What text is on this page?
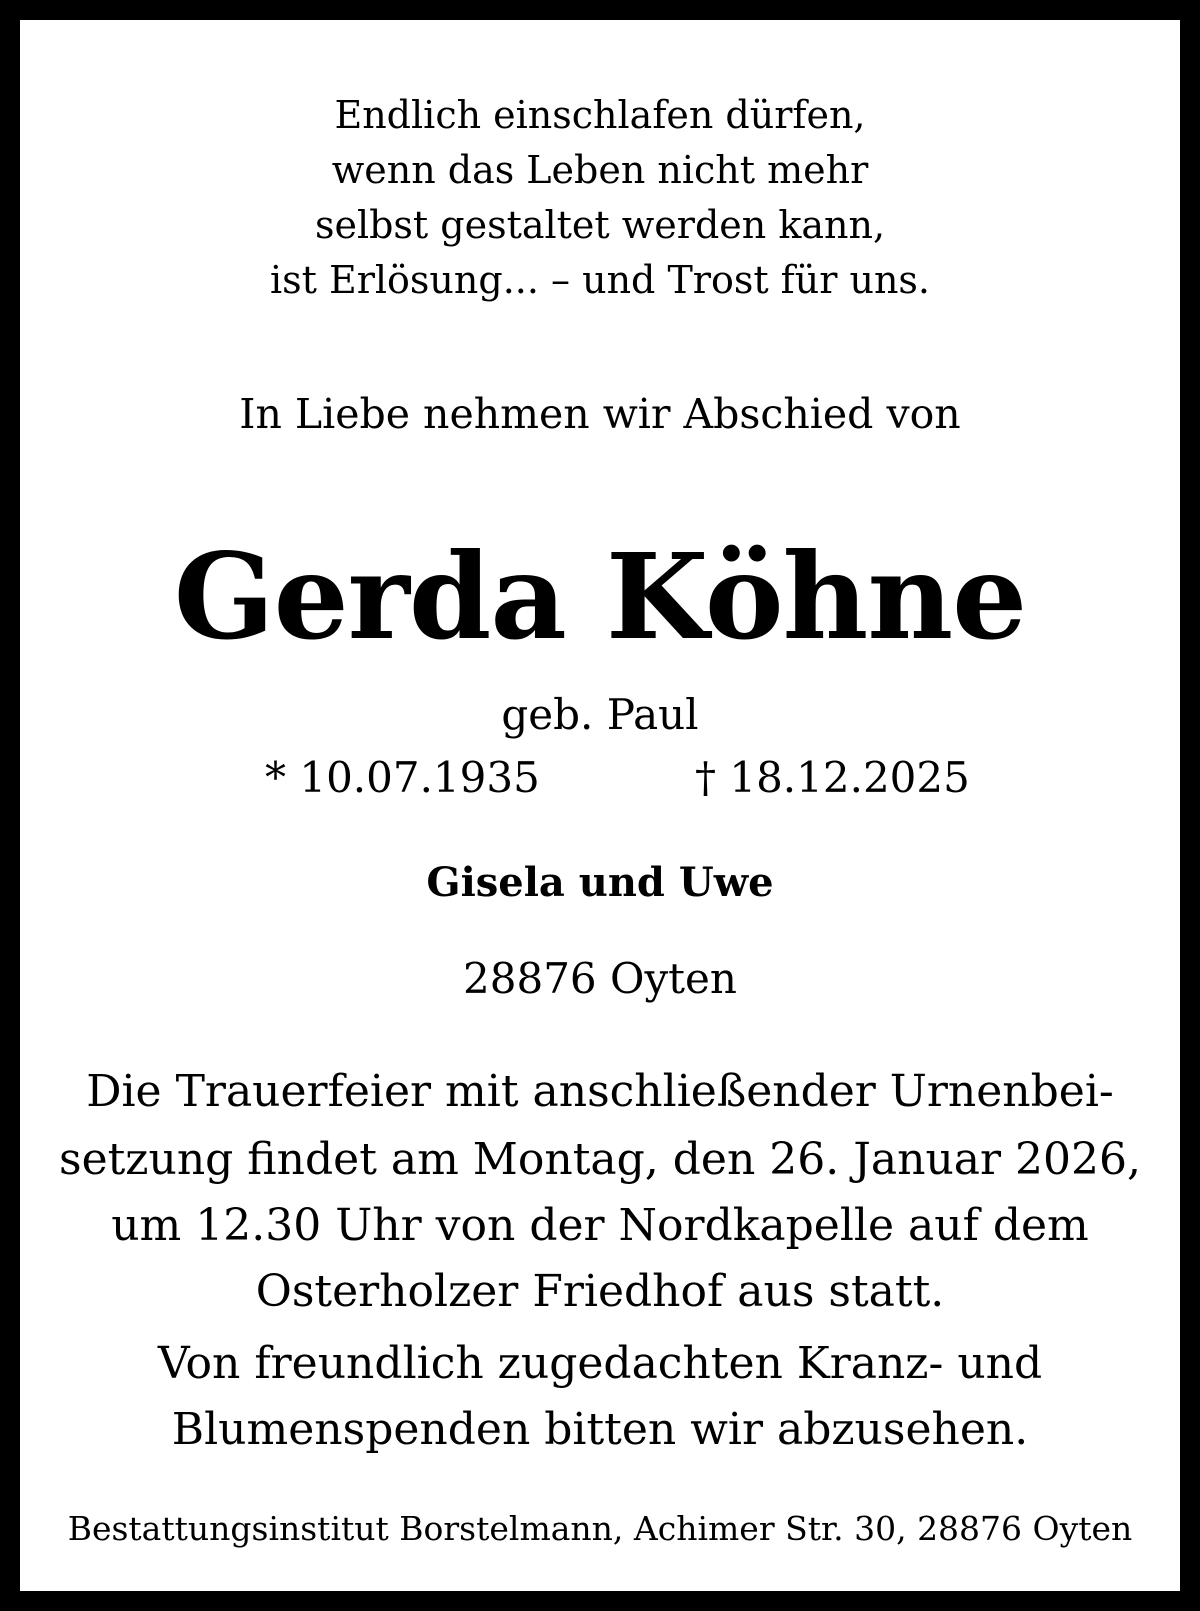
Endlich einschlafen dürfen,
wenn das Leben nicht mehr
selbst gestaltet werden kann,
ist Erlösung... – und Trost für uns.
In Liebe nehmen wir Abschied von
Gerda Köhne
geb. Paul
* 10.07.1935	† 18.12.2025
Gisela und Uwe
28876 Oyten
Die Trauerfeier mit anschließender Urnenbei-
setzung findet am Montag, den 26. Januar 2026,
um 12.30 Uhr von der Nordkapelle auf dem
Osterholzer Friedhof aus statt.
Von freundlich zugedachten Kranz- und
Blumenspenden bitten wir abzusehen.
Bestattungsinstitut Borstelmann, Achimer Str. 30, 28876 Oyten
